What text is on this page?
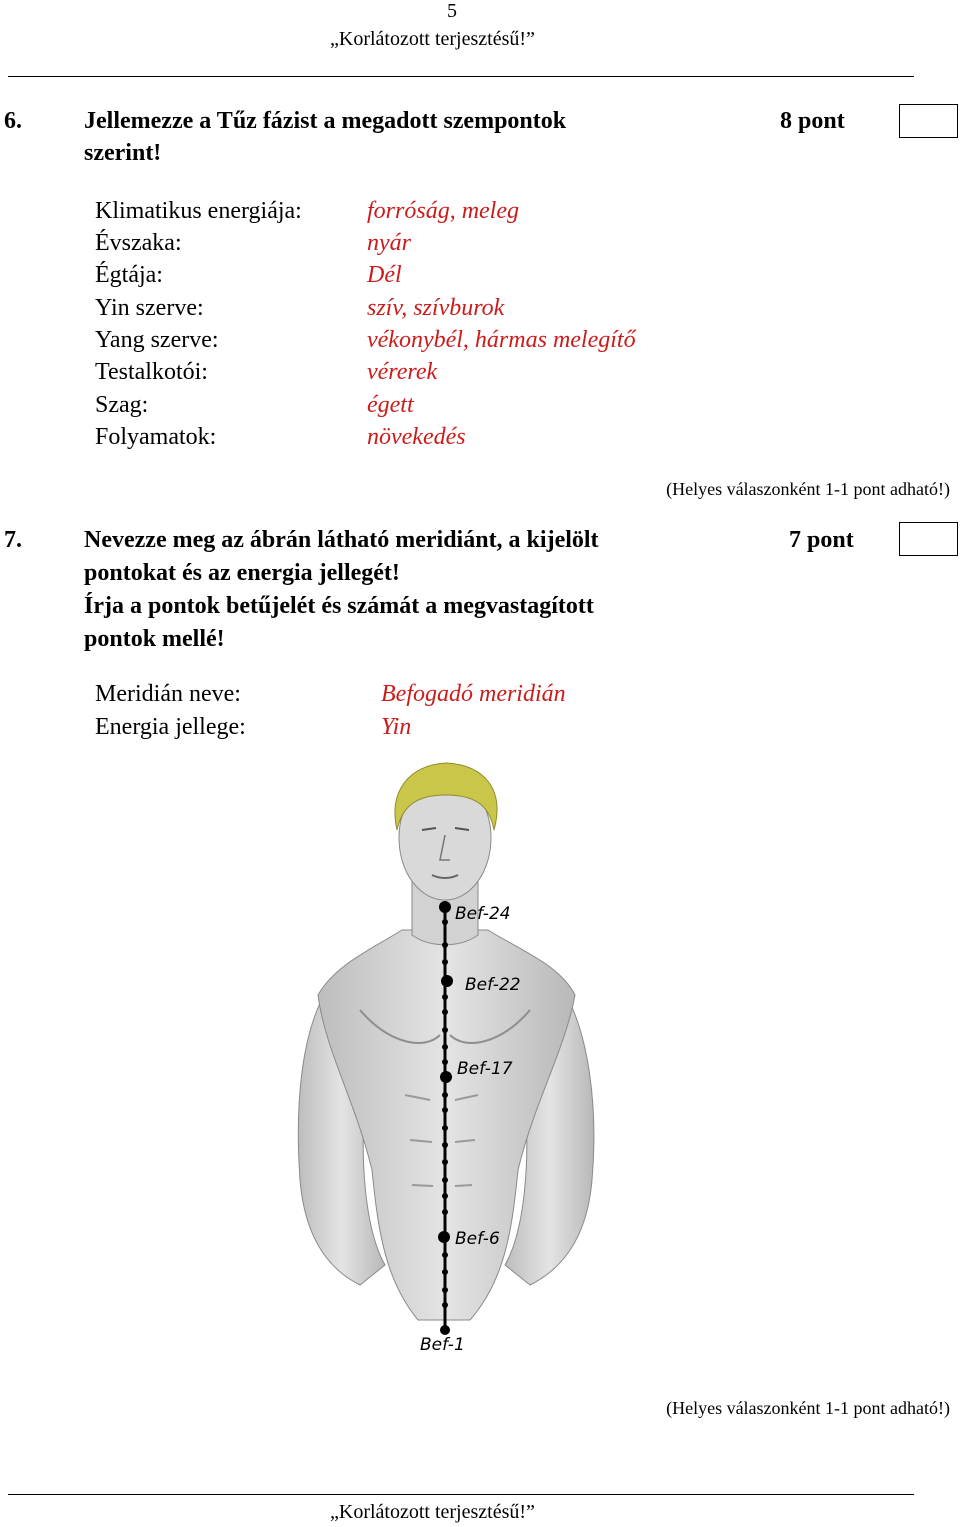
5
„Korlátozott terjesztésű!”
6.	Jellemezze a Tűz fázist a megadott szempontok
szerint!
8 pont
Klimatikus energiája:	forróság, meleg
Évszaka:	nyár
Égtája:	Dél
Yin szerve:	szív, szívburok
Yang szerve:	vékonybél, hármas melegítő
Testalkotói:	vérerek
Szag:	égett
Folyamatok:	növekedés
(Helyes válaszonként 1-1 pont adható!)
7.	Nevezze meg az ábrán látható meridiánt, a kijelölt
pontokat és az energia jellegét!
Írja a pontok betűjelét és számát a megvastagított
pontok mellé!
7 pont
Meridián neve:	Befogadó meridián
Energia jellege:	Yin
Bef-24
Bef-22
Bef-17
Bef-6
Bef-1
(Helyes válaszonként 1-1 pont adható!)
„Korlátozott terjesztésű!”
